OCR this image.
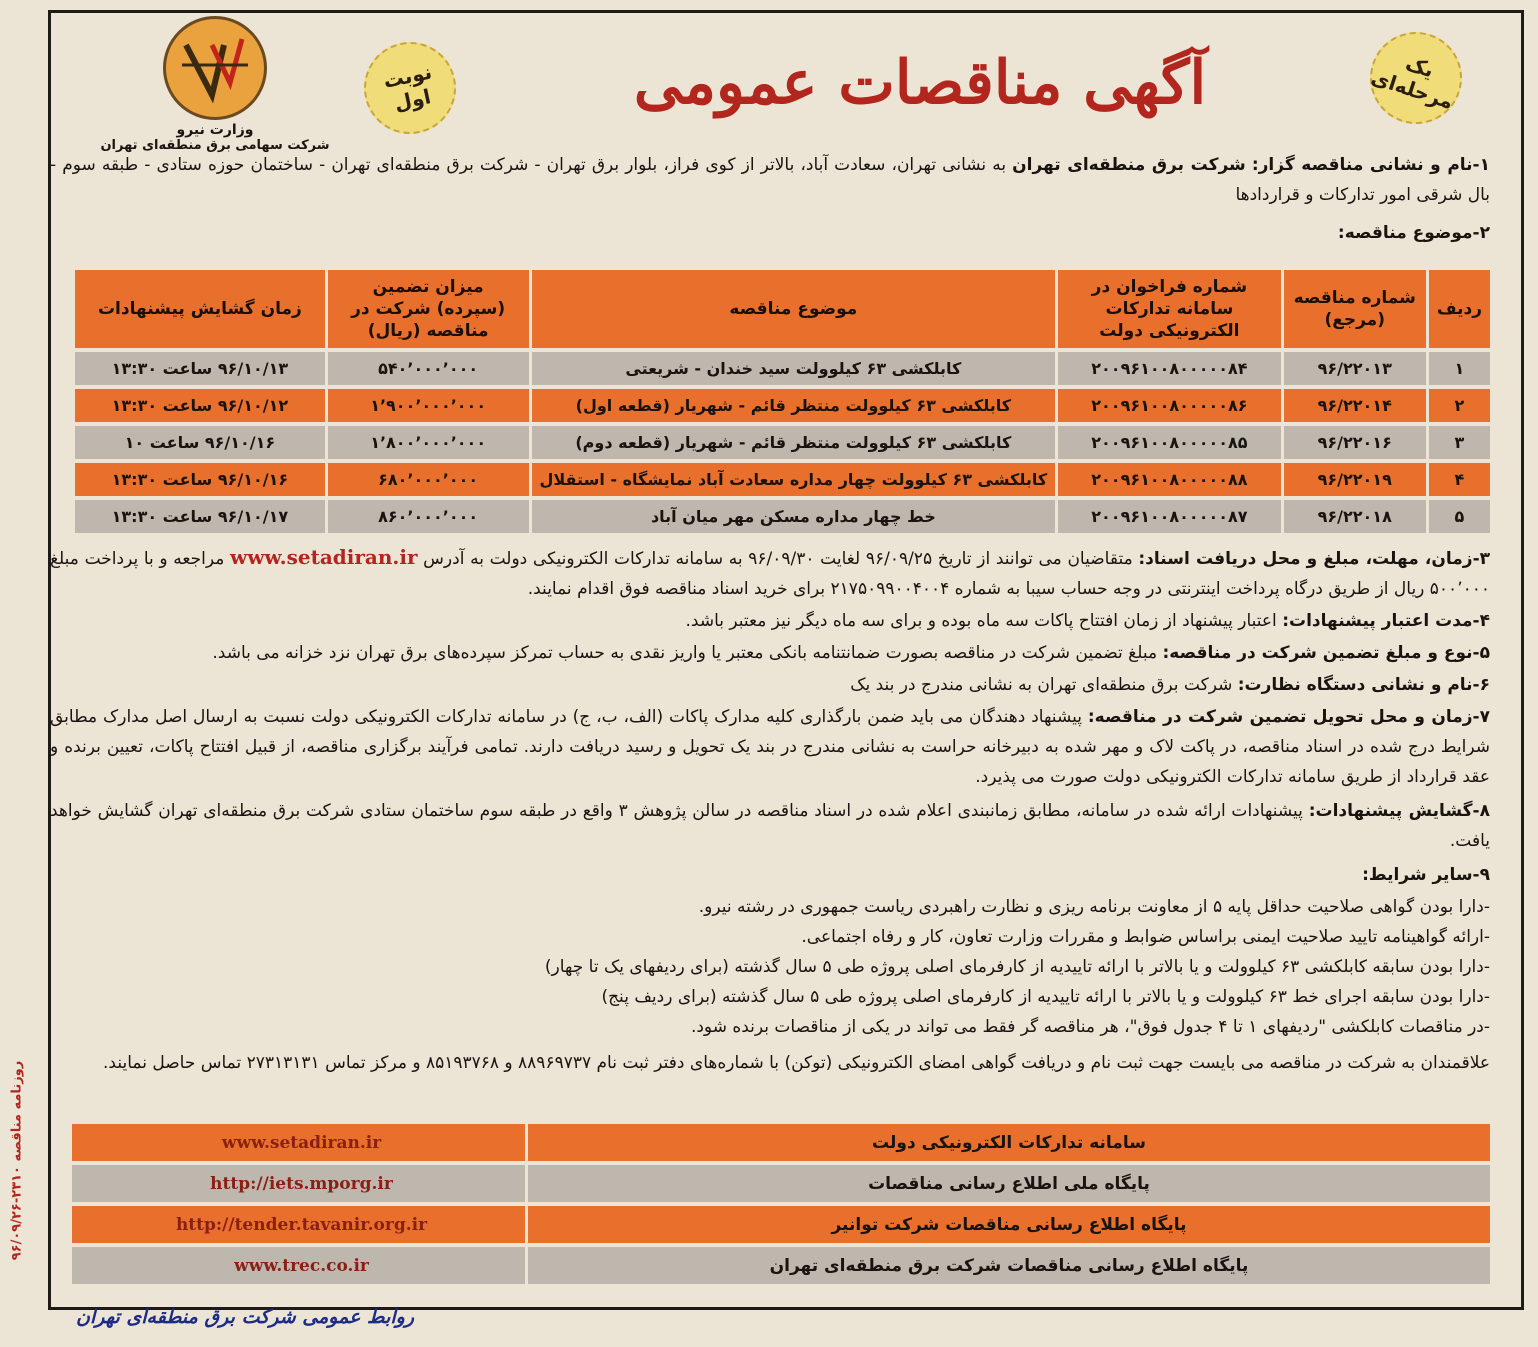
یک
مرحله‌ای
نوبت
اول	آگهی مناقصات عمومی
وزارت نیرو
شرکت سهامی برق منطقه‌ای تهران
۱-نام و نشانی مناقصه گزار: شرکت برق منطقه‌ای تهران به نشانی تهران، سعادت آباد، بالاتر از کوی فراز، بلوار برق تهران - شرکت برق منطقه‌ای تهران - ساختمان حوزه ستادی - طبقه سوم - بال شرقی امور تدارکات و قراردادها
۲-موضوع مناقصه:
ردیف	شماره مناقصه (مرجع)	شماره فراخوان در سامانه تدارکات الکترونیکی دولت	موضوع مناقصه	میزان تضمین (سپرده) شرکت در مناقصه (ریال)	زمان گشایش پیشنهادات
۱	۹۶/۲۲۰۱۳	۲۰۰۹۶۱۰۰۸۰۰۰۰۰۸۴	کابلکشی ۶۳ کیلوولت سید خندان - شریعتی	۵۴۰٬۰۰۰٬۰۰۰	۹۶/۱۰/۱۳ ساعت ۱۳:۳۰
۲	۹۶/۲۲۰۱۴	۲۰۰۹۶۱۰۰۸۰۰۰۰۰۸۶	کابلکشی ۶۳ کیلوولت منتظر قائم - شهریار (قطعه اول)	۱٬۹۰۰٬۰۰۰٬۰۰۰	۹۶/۱۰/۱۲ ساعت ۱۳:۳۰
۳	۹۶/۲۲۰۱۶	۲۰۰۹۶۱۰۰۸۰۰۰۰۰۸۵	کابلکشی ۶۳ کیلوولت منتظر قائم - شهریار (قطعه دوم)	۱٬۸۰۰٬۰۰۰٬۰۰۰	۹۶/۱۰/۱۶ ساعت ۱۰
۴	۹۶/۲۲۰۱۹	۲۰۰۹۶۱۰۰۸۰۰۰۰۰۸۸	کابلکشی ۶۳ کیلوولت چهار مداره سعادت آباد نمایشگاه - استقلال	۶۸۰٬۰۰۰٬۰۰۰	۹۶/۱۰/۱۶ ساعت ۱۳:۳۰
۵	۹۶/۲۲۰۱۸	۲۰۰۹۶۱۰۰۸۰۰۰۰۰۸۷	خط چهار مداره مسکن مهر میان آباد	۸۶۰٬۰۰۰٬۰۰۰	۹۶/۱۰/۱۷ ساعت ۱۳:۳۰
۳-زمان، مهلت، مبلغ و محل دریافت اسناد: متقاضیان می توانند از تاریخ ۹۶/۰۹/۲۵ لغایت ۹۶/۰۹/۳۰ به سامانه تدارکات الکترونیکی دولت به آدرس www.setadiran.ir مراجعه و با پرداخت مبلغ ۵۰۰٬۰۰۰ ریال از طریق درگاه پرداخت اینترنتی در وجه حساب سیبا به شماره ۲۱۷۵۰۹۹۰۰۴۰۰۴ برای خرید اسناد مناقصه فوق اقدام نمایند.
۴-مدت اعتبار پیشنهادات: اعتبار پیشنهاد از زمان افتتاح پاکات سه ماه بوده و برای سه ماه دیگر نیز معتبر باشد.
۵-نوع و مبلغ تضمین شرکت در مناقصه: مبلغ تضمین شرکت در مناقصه بصورت ضمانتنامه بانکی معتبر یا واریز نقدی به حساب تمرکز سپرده‌های برق تهران نزد خزانه می باشد.
۶-نام و نشانی دستگاه نظارت: شرکت برق منطقه‌ای تهران به نشانی مندرج در بند یک
۷-زمان و محل تحویل تضمین شرکت در مناقصه: پیشنهاد دهندگان می باید ضمن بارگذاری کلیه مدارک پاکات (الف، ب، ج) در سامانه تدارکات الکترونیکی دولت نسبت به ارسال اصل مدارک مطابق شرایط درج شده در اسناد مناقصه، در پاکت لاک و مهر شده به دبیرخانه حراست به نشانی مندرج در بند یک تحویل و رسید دریافت دارند. تمامی فرآیند برگزاری مناقصه، از قبیل افتتاح پاکات، تعیین برنده و عقد قرارداد از طریق سامانه تدارکات الکترونیکی دولت صورت می پذیرد.
۸-گشایش پیشنهادات: پیشنهادات ارائه شده در سامانه، مطابق زمانبندی اعلام شده در اسناد مناقصه در سالن پژوهش ۳ واقع در طبقه سوم ساختمان ستادی شرکت برق منطقه‌ای تهران گشایش خواهد یافت.
۹-سایر شرایط:
-دارا بودن گواهی صلاحیت حداقل پایه ۵ از معاونت برنامه ریزی و نظارت راهبردی ریاست جمهوری در رشته نیرو.
-ارائه گواهینامه تایید صلاحیت ایمنی براساس ضوابط و مقررات وزارت تعاون، کار و رفاه اجتماعی.
-دارا بودن سابقه کابلکشی ۶۳ کیلوولت و یا بالاتر با ارائه تاییدیه از کارفرمای اصلی پروژه طی ۵ سال گذشته (برای ردیفهای یک تا چهار)
-دارا بودن سابقه اجرای خط ۶۳ کیلوولت و یا بالاتر با ارائه تاییدیه از کارفرمای اصلی پروژه طی ۵ سال گذشته (برای ردیف پنج)
-در مناقصات کابلکشی "ردیفهای ۱ تا ۴ جدول فوق"، هر مناقصه گر فقط می تواند در یکی از مناقصات برنده شود.
علاقمندان به شرکت در مناقصه می بایست جهت ثبت نام و دریافت گواهی امضای الکترونیکی (توکن) با شماره‌های دفتر ثبت نام ۸۸۹۶۹۷۳۷ و ۸۵۱۹۳۷۶۸ و مرکز تماس ۲۷۳۱۳۱۳۱ تماس حاصل نمایند.
سامانه تدارکات الکترونیکی دولت	www.setadiran.ir
پایگاه ملی اطلاع رسانی مناقصات	http://iets.mporg.ir
پایگاه اطلاع رسانی مناقصات شرکت توانیر	http://tender.tavanir.org.ir
پایگاه اطلاع رسانی مناقصات شرکت برق منطقه‌ای تهران	www.trec.co.ir
روابط عمومی شرکت برق منطقه‌ای تهران
روزنامه مناقصه ۲۳۱۰-۹۶/۰۹/۲۶
